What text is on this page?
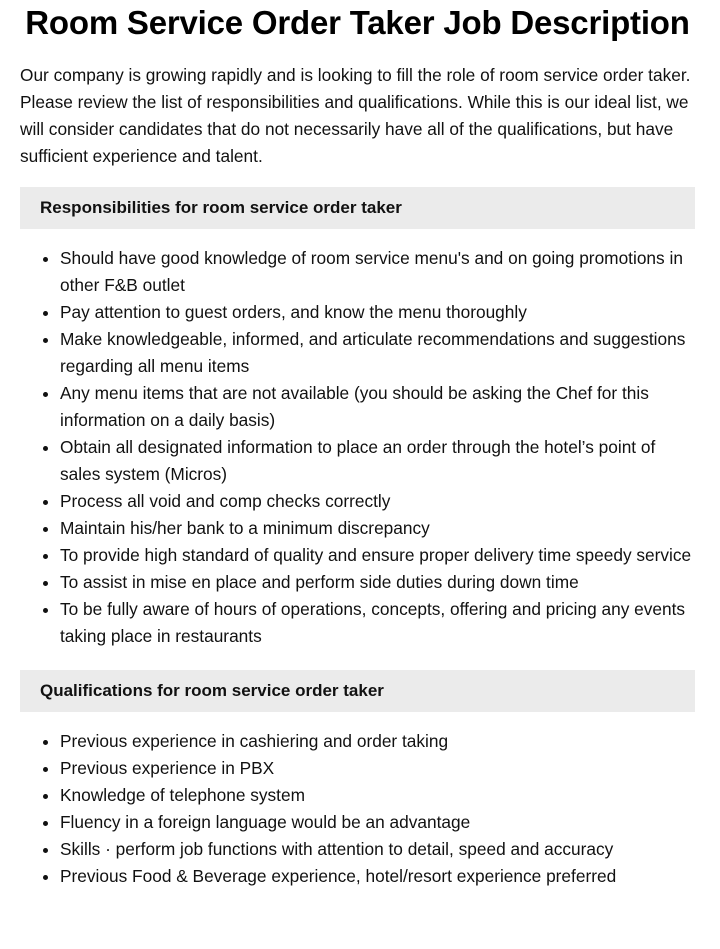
Room Service Order Taker Job Description

Our company is growing rapidly and is looking to fill the role of room service order taker. Please review the list of responsibilities and qualifications. While this is our ideal list, we will consider candidates that do not necessarily have all of the qualifications, but have sufficient experience and talent.

Responsibilities for room service order taker
Should have good knowledge of room service menu's and on going promotions in other F&B outlet
Pay attention to guest orders, and know the menu thoroughly
Make knowledgeable, informed, and articulate recommendations and suggestions regarding all menu items
Any menu items that are not available (you should be asking the Chef for this information on a daily basis)
Obtain all designated information to place an order through the hotel’s point of sales system (Micros)
Process all void and comp checks correctly
Maintain his/her bank to a minimum discrepancy
To provide high standard of quality and ensure proper delivery time speedy service
To assist in mise en place and perform side duties during down time
To be fully aware of hours of operations, concepts, offering and pricing any events taking place in restaurants
Qualifications for room service order taker
Previous experience in cashiering and order taking
Previous experience in PBX
Knowledge of telephone system
Fluency in a foreign language would be an advantage
Skills · perform job functions with attention to detail, speed and accuracy
Previous Food & Beverage experience, hotel/resort experience preferred
